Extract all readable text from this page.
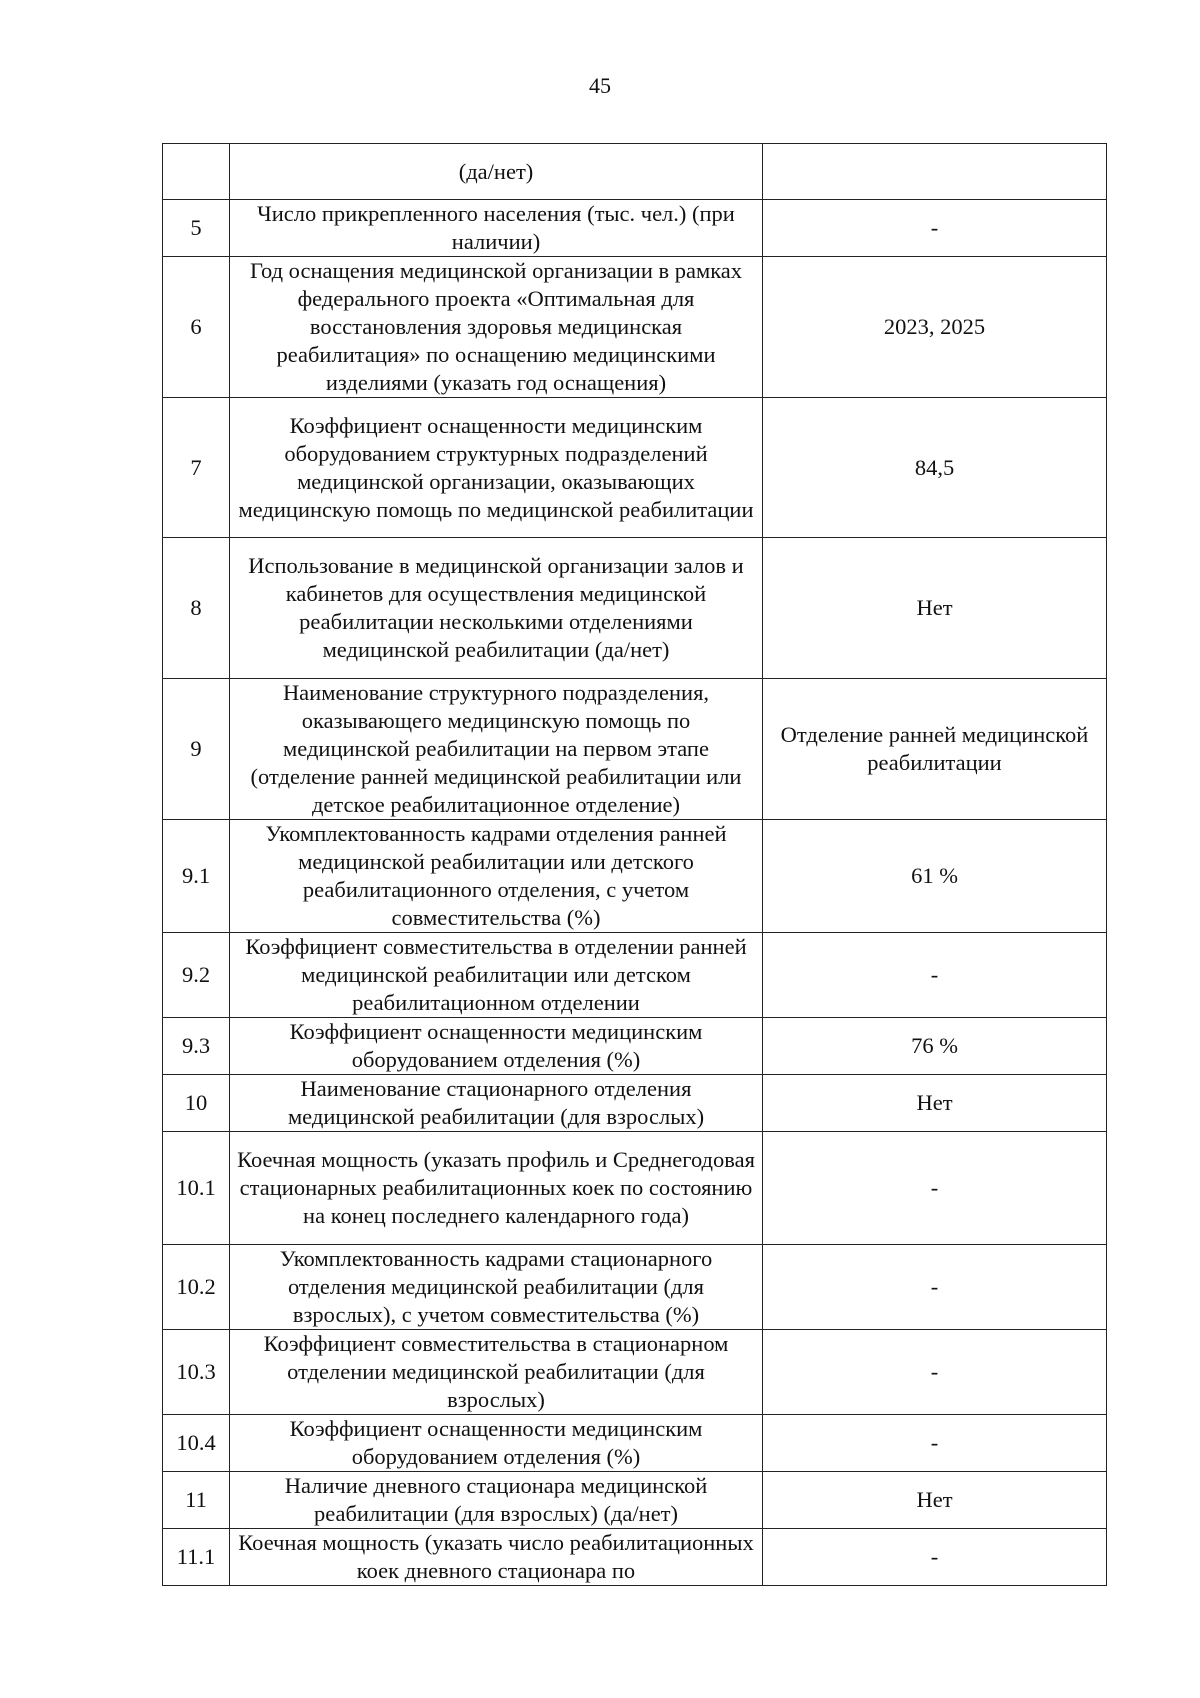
45
	(да/нет)	
5	Число прикрепленного населения (тыс. чел.) (при наличии)	-
6	Год оснащения медицинской организации в рамках федерального проекта «Оптимальная для восстановления здоровья медицинская реабилитация» по оснащению медицинскими изделиями (указать год оснащения)	2023, 2025
7	Коэффициент оснащенности медицинским оборудованием структурных подразделений медицинской организации, оказывающих медицинскую помощь по медицинской реабилитации	84,5
8	Использование в медицинской организации залов и кабинетов для осуществления медицинской реабилитации несколькими отделениями медицинской реабилитации (да/нет)	Нет
9	Наименование структурного подразделения, оказывающего медицинскую помощь по медицинской реабилитации на первом этапе (отделение ранней медицинской реабилитации или детское реабилитационное отделение)	Отделение ранней медицинской реабилитации
9.1	Укомплектованность кадрами отделения ранней медицинской реабилитации или детского реабилитационного отделения, с учетом совместительства (%)	61 %
9.2	Коэффициент совместительства в отделении ранней медицинской реабилитации или детском реабилитационном отделении	-
9.3	Коэффициент оснащенности медицинским оборудованием отделения (%)	76 %
10	Наименование стационарного отделения медицинской реабилитации (для взрослых)	Нет
10.1	Коечная мощность (указать профиль и Среднегодовая стационарных реабилитационных коек по состоянию на конец последнего календарного года)	-
10.2	Укомплектованность кадрами стационарного отделения медицинской реабилитации (для взрослых), с учетом совместительства (%)	-
10.3	Коэффициент совместительства в стационарном отделении медицинской реабилитации (для взрослых)	-
10.4	Коэффициент оснащенности медицинским оборудованием отделения (%)	-
11	Наличие дневного стационара медицинской реабилитации (для взрослых) (да/нет)	Нет
11.1	Коечная мощность (указать число реабилитационных коек дневного стационара по	-
